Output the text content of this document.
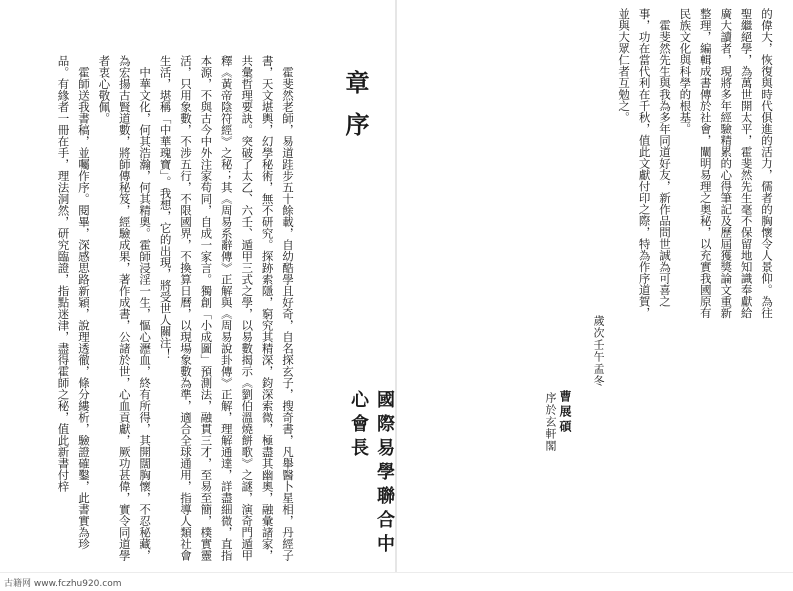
章序
國際易學聯合中心會長
霍斐然老師，易道跬步五十餘載，自幼酷學且好奇，自名探玄子，搜奇書，凡舉醫卜星相，丹經子書，天文堪輿，幻學秘術，無不研究。探跡索隱，窮究其精深，鈞深索微，極盡其幽奧，融彙諸家，共彙哲理要訣。突破了太乙、六壬、遁甲三式之學，以易數揭示《劉伯溫燒餅歌》之謎，演奇門遁甲釋《黃帝陰符經》之秘；其《周易系辭傳》正解與《周易說卦傳》正解，理解通達，詳盡細微，直指本源，不與古今中外注家苟同，自成一家言。獨創「小成圖」預測法，融貫三才，至易至簡，樸實靈活，只用象數，不涉五行，不限國界，不換算日曆，以現場象數為準，適合全球通用，指導人類社會生活，堪稱「中華瑰寶」。我想，它的出現，將受世人關注！
中華文化，何其浩瀚，何其精奧。霍師浸淫一生，慪心瀝血，終有所得，其開闊胸懷，不忍秘藏，為宏揚古賢道數，將師傳秘笈，經驗成果，著作成書，公諸於世，心血貢獻，厥功甚偉，實令同道學者衷心敬佩。
霍師送我書稿，並囑作序。閱畢，深感思路新穎，說理透徹，條分縷析，驗證確鑿，此書實為珍品。有緣者一冊在手，理法洞然，研究臨證，指點迷津，盡得霍師之秘，值此新書付梓	的偉大，恢復與時代俱進的活力，儒者的胸懷令人景仰。為往聖繼絕學，為萬世開太平，霍斐然先生毫不保留地知識奉獻給廣大讀者，現將多年經驗精累的心得筆記及歷屆獲獎論文重新整理，編輯成書傳於社會，闡明易理之奥秘，以充實我國原有民族文化與科學的根基。
霍斐然先生與我為多年同道好友，新作品問世誠為可喜之事，功在當代利在千秋，值此文獻付印之際，特為作序道賀，並與大眾仁者互勉之。
歲次壬午孟冬
曹展碩
序於玄軒閣
古籍网 www.fczhu920.com
